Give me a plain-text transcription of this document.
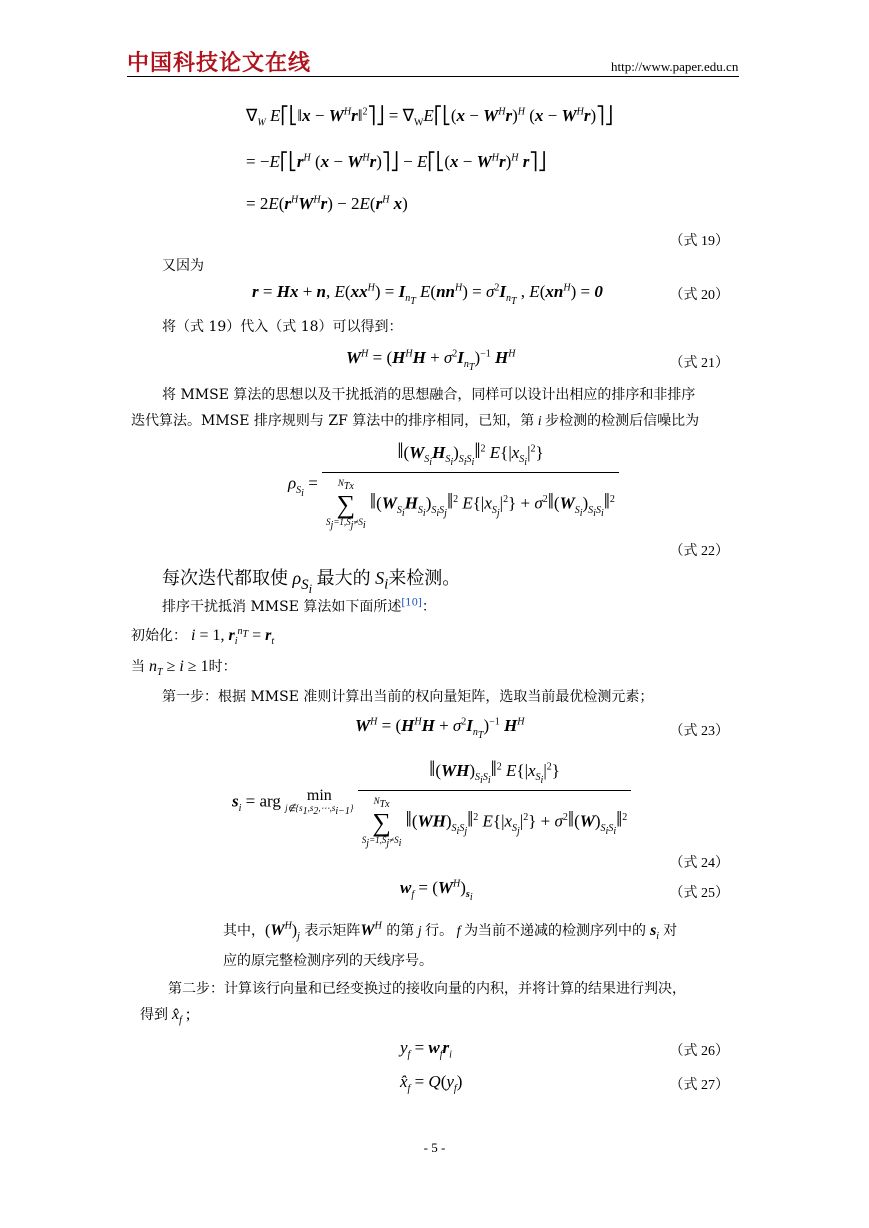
中国科技论文在线	http://www.paper.edu.cn
$\nabla_W$ E⎡⎣‖x − $W^Hr‖^2⎤⎦$ = $\nabla_WE⎡⎣(x - W^Hr)^H$ $(x - W^Hr)⎤⎦$
= $-E⎡⎣r^H$ $(x - W^Hr)⎤⎦$ − E⎡⎣(x − $W^Hr)^H$ r⎤⎦
= $2E(r^HW^Hr) - 2E(r^H$ x)
（式 19）
又因为
r = Hx + n, $E(xx^H) = I_{n_T}$ $E(nn^H) = \sigma^2I_{n_T}$ , $E(xn^H) = 0$	（式 20）
将（式 19）代入（式 18）可以得到：
$W^H = (H^HH + \sigma^2I_{n_T})^{-1}$ $H^H$
（式 21）
将 MMSE 算法的思想以及干扰抵消的思想融合，同样可以设计出相应的排序和非排序
迭代算法。MMSE 排序规则与 ZF 算法中的排序相同，已知，第 i 步检测的检测后信噪比为
$\rho_{S_i}$ = $‖(W_{S_i}H_{S_i})_{S_iS_i}‖^2$ $E\{|x_{S_i}|^2\}$
$N_{Tx}$
∑
$S_j=1,S_j\ne S_i$
$‖(W_{S_i}H_{S_i})_{S_iS_j}‖^2$ $E\{|x_{S_j}|^2\}$ + $\sigma^2‖(W_{S_i})_{S_iS_i}‖^2$
（式 22）
每次迭代都取使 $\rho_{S_i}$ 最大的 $S_i$来检测。
排序干扰抵消 MMSE 算法如下面所述[10]：
初始化： i = 1, $r_i^{n_T} = r_t$
当 $n_T \ge i \ge 1$时：
第一步：根据 MMSE 准则计算出当前的权向量矩阵，选取当前最优检测元素；
$W^H = (H^HH + \sigma^2I_{n_T})^{-1}$ $H^H$
（式 23）
$s_i$ = arg	min
$j\notin\{s_1,s_2,\cdots,s_{i-1}\}$
$‖(WH)_{S_iS_i}‖^2$ $E\{|x_{S_i}|^2\}$
$N_{Tx}$
∑
$S_j=1,S_j\ne S_i$
$‖(WH)_{S_iS_j}‖^2$ $E\{|x_{S_j}|^2\}$ + $\sigma^2‖(W)_{S_iS_i}‖^2$
（式 24）
$w_f = (W^H)_{s_i}$	（式 25）
其中，$(W^H)_j$ 表示矩阵$W^H$ 的第 j 行。 f 为当前不递减的检测序列中的 $s_i$ 对
应的原完整检测序列的天线序号。
第二步：计算该行向量和已经变换过的接收向量的内积，并将计算的结果进行判决，
得到 $x̂_f$ ;
$y_f = w_fr_i$	（式 26）
$x̂_f = Q(y_f)$	（式 27）
- 5 -
